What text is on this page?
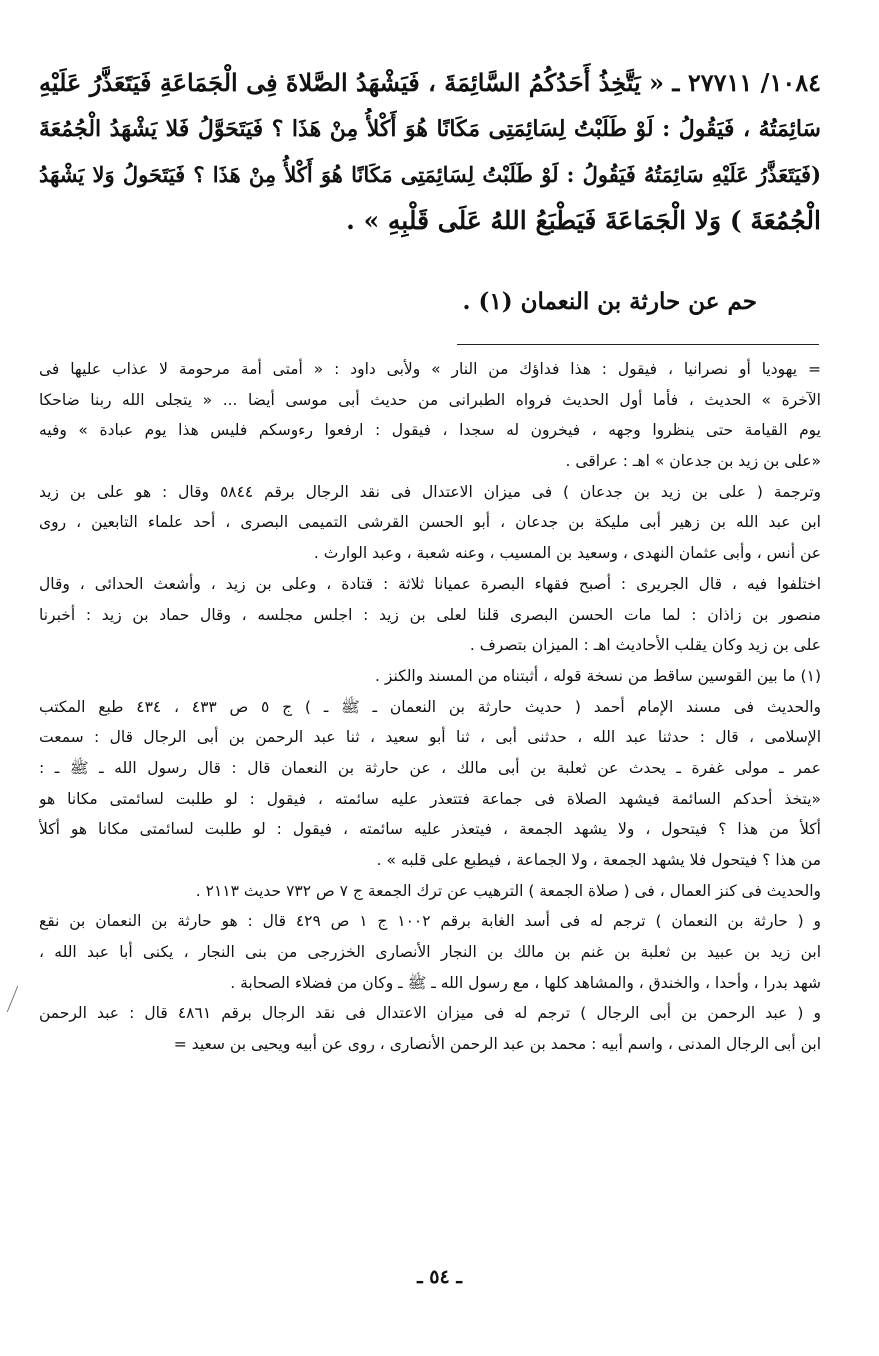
١٠٨٤/ ٢٧٧١١ ـ « يَتَّخِذُ أَحَدُكُمُ السَّائِمَةَ ، فَيَشْهَدُ الصَّلاةَ فِى الْجَمَاعَةِ فَيَتَعَذَّرُ عَلَيْهِ
سَائِمَتُهُ ، فَيَقُولُ : لَوْ طَلَبْتُ لِسَائِمَتِى مَكَانًا هُوَ أَكْلأُ مِنْ هَذَا ؟ فَيَتَحَوَّلُ فَلا يَشْهَدُ الْجُمُعَةَ
(فَيَتَعَذَّرُ عَلَيْهِ سَائِمَتُهُ فَيَقُولُ : لَوْ طَلَبْتُ لِسَائِمَتِى مَكَانًا هُوَ أَكْلأُ مِنْ هَذَا ؟ فَيَتَحَولُ وَلا يَشْهَدُ
الْجُمُعَةَ ) وَلا الْجَمَاعَةَ فَيَطْبَعُ اللهُ عَلَى قَلْبِهِ » .
حم عن حارثة بن النعمان (١) .
= يهوديا أو نصرانيا ، فيقول : هذا فداؤك من النار » ولأبى داود : « أمتى أمة مرحومة لا عذاب عليها فى
الآخرة » الحديث ، فأما أول الحديث فرواه الطبرانى من حديث أبى موسى أيضا ... « يتجلى الله ربنا ضاحكا
يوم القيامة حتى ينظروا وجهه ، فيخرون له سجدا ، فيقول : ارفعوا رءوسكم فليس هذا يوم عبادة » وفيه
«على بن زيد بن جدعان » اهـ : عراقى .
وترجمة ( على بن زيد بن جدعان ) فى ميزان الاعتدال فى نقد الرجال برقم ٥٨٤٤ وقال : هو على بن زيد
ابن عبد الله بن زهير أبى مليكة بن جدعان ، أبو الحسن القرشى التميمى البصرى ، أحد علماء التابعين ، روى
عن أنس ، وأبى عثمان النهدى ، وسعيد بن المسيب ، وعنه شعبة ، وعبد الوارث .
اختلفوا فيه ، قال الجريرى : أصبح فقهاء البصرة عميانا ثلاثة : قتادة ، وعلى بن زيد ، وأشعث الحدائى ، وقال
منصور بن زاذان : لما مات الحسن البصرى قلنا لعلى بن زيد : اجلس مجلسه ، وقال حماد بن زيد : أخبرنا
على بن زيد وكان يقلب الأحاديث اهـ : الميزان بتصرف .
(١) ما بين القوسين ساقط من نسخة قوله ، أثبتناه من المسند والكنز .
والحديث فى مسند الإمام أحمد ( حديث حارثة بن النعمان ـ ﷺ ـ ) ج ٥ ص ٤٣٣ ، ٤٣٤ طبع المكتب
الإسلامى ، قال : حدثنا عبد الله ، حدثنى أبى ، ثنا أبو سعيد ، ثنا عبد الرحمن بن أبى الرجال قال : سمعت
عمر ـ مولى غفرة ـ يحدث عن ثعلبة بن أبى مالك ، عن حارثة بن النعمان قال : قال رسول الله ـ ﷺ ـ :
«يتخذ أحدكم السائمة فيشهد الصلاة فى جماعة فتتعذر عليه سائمته ، فيقول : لو طلبت لسائمتى مكانا هو
أكلأ من هذا ؟ فيتحول ، ولا يشهد الجمعة ، فيتعذر عليه سائمته ، فيقول : لو طلبت لسائمتى مكانا هو أكلأ
من هذا ؟ فيتحول فلا يشهد الجمعة ، ولا الجماعة ، فيطبع على قلبه » .
والحديث فى كنز العمال ، فى ( صلاة الجمعة ) الترهيب عن ترك الجمعة ج ٧ ص ٧٣٢ حديث ٢١١٣ .
و ( حارثة بن النعمان ) ترجم له فى أسد الغابة برقم ١٠٠٢ ج ١ ص ٤٢٩ قال : هو حارثة بن النعمان بن نقع
ابن زيد بن عبيد بن ثعلبة بن غنم بن مالك بن النجار الأنصارى الخزرجى من بنى النجار ، يكنى أبا عبد الله ،
شهد بدرا ، وأحدا ، والخندق ، والمشاهد كلها ، مع رسول الله ـ ﷺ ـ وكان من فضلاء الصحابة .
و ( عبد الرحمن بن أبى الرجال ) ترجم له فى ميزان الاعتدال فى نقد الرجال برقم ٤٨٦١ قال : عبد الرحمن
ابن أبى الرجال المدنى ، واسم أبيه : محمد بن عبد الرحمن الأنصارى ، روى عن أبيه ويحيى بن سعيد =
ـ ٥٤ ـ
